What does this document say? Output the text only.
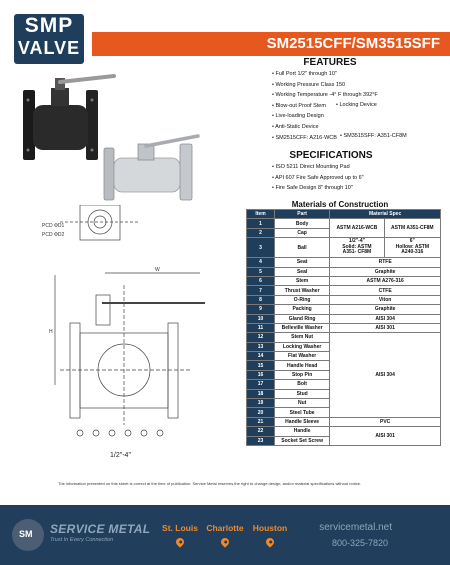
SMP
VALVE	SM2515CFF/SM3515SFF
FEATURES
• Full Port 1/2" through 10"
• Working Pressure Class 150
• Working Temperature -4° F through 392°F
• Blow-out Proof Stem
• Live-loading Design
• Anti-Static Device
• SM2515CFF: A216-WCB
• Locking Device
• SM3515SFF: A351-CF8M
SPECIFICATIONS
• ISO 5211 Direct Mounting Pad
• API 607 Fire Safe Approved up to 6"
• Fire Safe Design 8" through 10"
PCD ΦD1
PCD ΦD2
H
W
1/2"-4"
Materials of Construction
Item	Part	Material Spec	
1	Body	ASTM A216-WCB	ASTM A351-CF8M
2	Cap		
3	Ball	1/2"-4"
Solid: ASTM
A351- CF8M	6"
Hollow: ASTM
A240-316
4	Seat	RTFE	
5	Seal	Graphite	
6	Stem	ASTM A276-316	
7	Thrust Washer	CTFE	
8	O-Ring	Viton	
9	Packing	Graphite	
10	Gland Ring	AISI 304	
11	Belleville Washer	AISI 301	
12	Stem Nut	AISI 304	
13	Locking Washer		
14	Flat Washer		
15	Handle Head		
16	Stop Pin		
17	Bolt		
18	Stud		
19	Nut		
20	Steel Tube		
21	Handle Sleeve	PVC	
22	Handle	AISI 301	
23	Socket Set Screw		
The information presented on this sheet is correct at the time of publication. Service Metal reserves the right to change design, and/or material specifications without notice.
SM SERVICE METAL
Trust In Every Connection
St. Louis Charlotte	Houston	servicemetal.net
800-325-7820
